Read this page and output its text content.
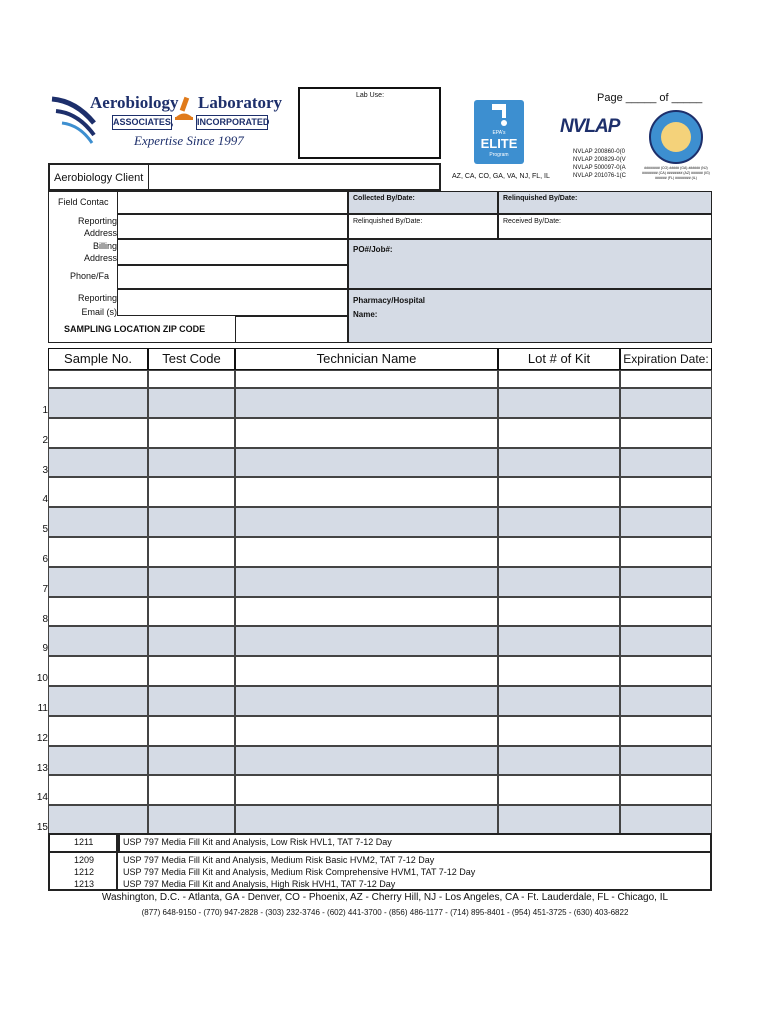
Aerobiology Laboratory
ASSOCIATES,	INCORPORATED
Expertise Since 1997
Lab Use:	Page _____ of _____
EPA's
ELITE
Program
NVLAP
NVLAP 200860-0(0
NVLAP 200829-0(V
NVLAP 500097-0(A
NVLAP 201076-1(C
######## (CO) ##### (GA) ###### (NJ)
######## (CA) ######## (AZ) ###### (IG)
###### (FL) ######## (IL)
AZ, CA, CO, GA, VA, NJ, FL, IL
Aerobiology Client
Field Contac
Reporting
Address
Billing
Address
Phone/Fa
Reporting
Email (s)
SAMPLING LOCATION ZIP CODE
Collected By/Date:	Relinquished By/Date:
Relinquished By/Date:	Received By/Date:
PO#/Job#:
Pharmacy/Hospital
Name:
Sample No.	Test Code	Technician Name	Lot # of Kit	Expiration Date:
1211	USP 797 Media Fill Kit and Analysis, Low Risk HVL1, TAT 7-12 Day
1209	USP 797 Media Fill Kit and Analysis, Medium Risk Basic HVM2, TAT 7-12 Day
1212	USP 797 Media Fill Kit and Analysis, Medium Risk Comprehensive HVM1, TAT 7-12 Day
1213	USP 797 Media Fill Kit and Analysis, High Risk HVH1, TAT 7-12 Day
Washington, D.C. - Atlanta, GA - Denver, CO - Phoenix, AZ - Cherry Hill, NJ - Los Angeles, CA - Ft. Lauderdale, FL - Chicago, IL
(877) 648-9150 - (770) 947-2828 - (303) 232-3746 - (602) 441-3700 - (856) 486-1177 - (714) 895-8401 - (954) 451-3725 - (630) 403-6822
1
2
3
4
5
6
7
8
9
10
11
12
13
14
15
